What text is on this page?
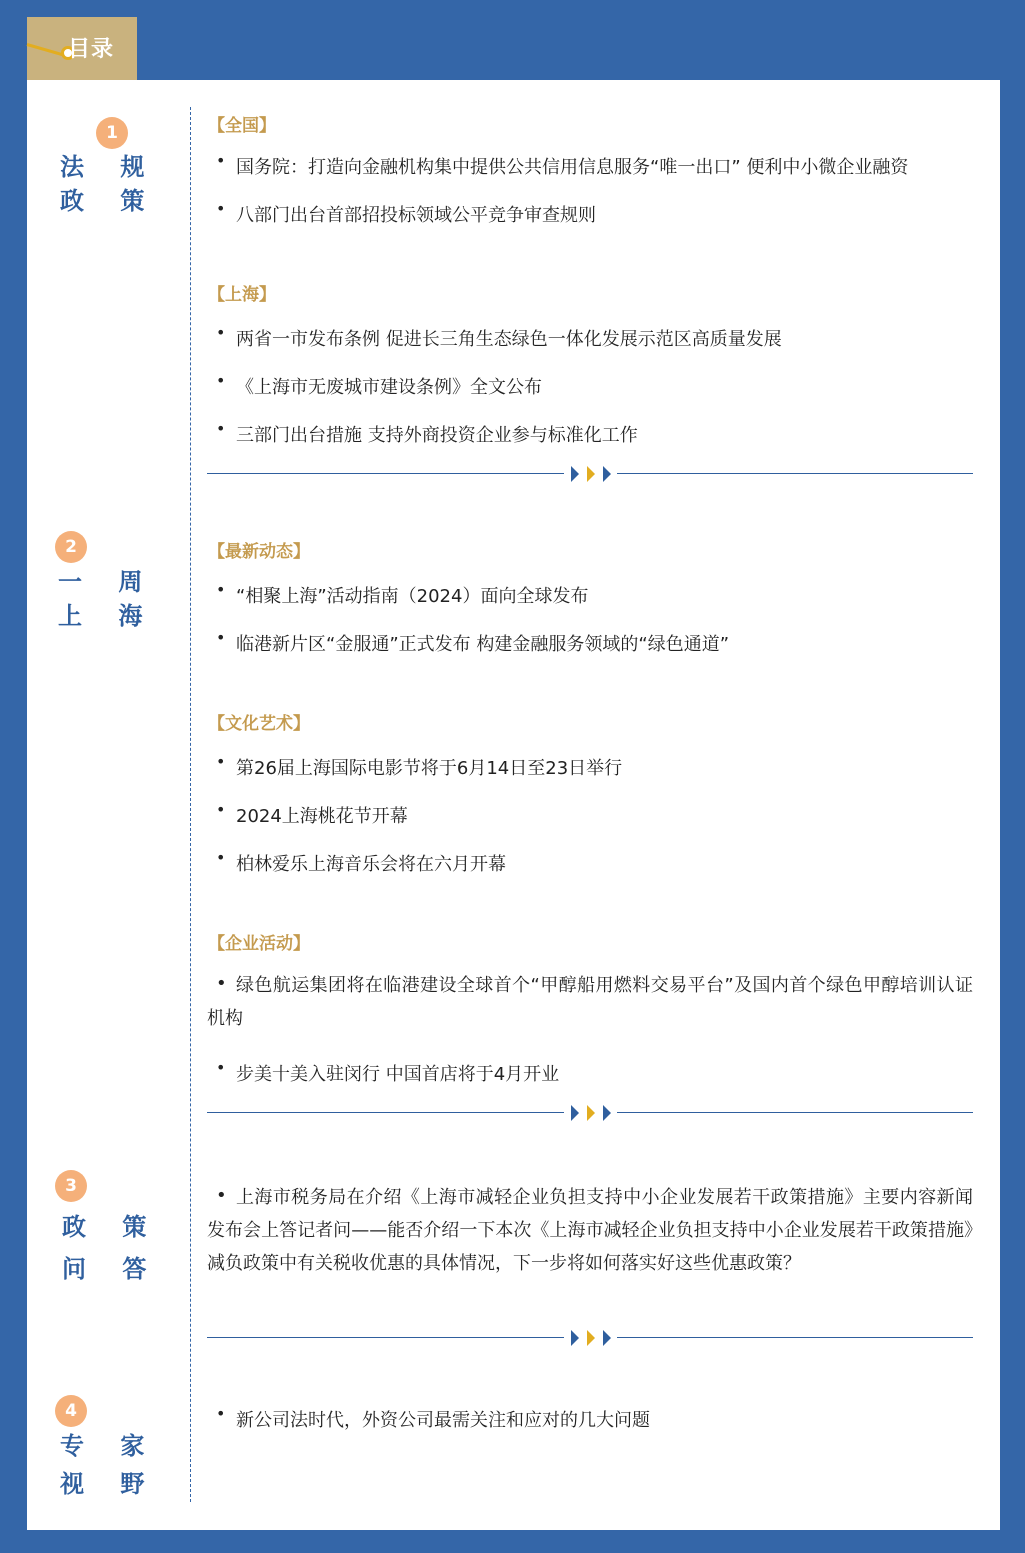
目录
1
法 规
政 策
2
一 周
上 海
3
政 策
问 答
4
专 家
视 野
【全国】
• 国务院：打造向金融机构集中提供公共信用信息服务“唯一出口” 便利中小微企业融资
• 八部门出台首部招投标领域公平竞争审查规则
【上海】
• 两省一市发布条例 促进长三角生态绿色一体化发展示范区高质量发展
• 《上海市无废城市建设条例》全文公布
• 三部门出台措施 支持外商投资企业参与标准化工作
【最新动态】
• “相聚上海”活动指南（2024）面向全球发布
• 临港新片区“金服通”正式发布 构建金融服务领域的“绿色通道”
【文化艺术】
• 第26届上海国际电影节将于6月14日至23日举行
• 2024上海桃花节开幕
• 柏林爱乐上海音乐会将在六月开幕
【企业活动】
• 绿色航运集团将在临港建设全球首个“甲醇船用燃料交易平台”及国内首个绿色甲醇培训认证机构
• 步美十美入驻闵行 中国首店将于4月开业
• 上海市税务局在介绍《上海市减轻企业负担支持中小企业发展若干政策措施》主要内容新闻发布会上答记者问——能否介绍一下本次《上海市减轻企业负担支持中小企业发展若干政策措施》减负政策中有关税收优惠的具体情况，下一步将如何落实好这些优惠政策？
• 新公司法时代，外资公司最需关注和应对的几大问题
